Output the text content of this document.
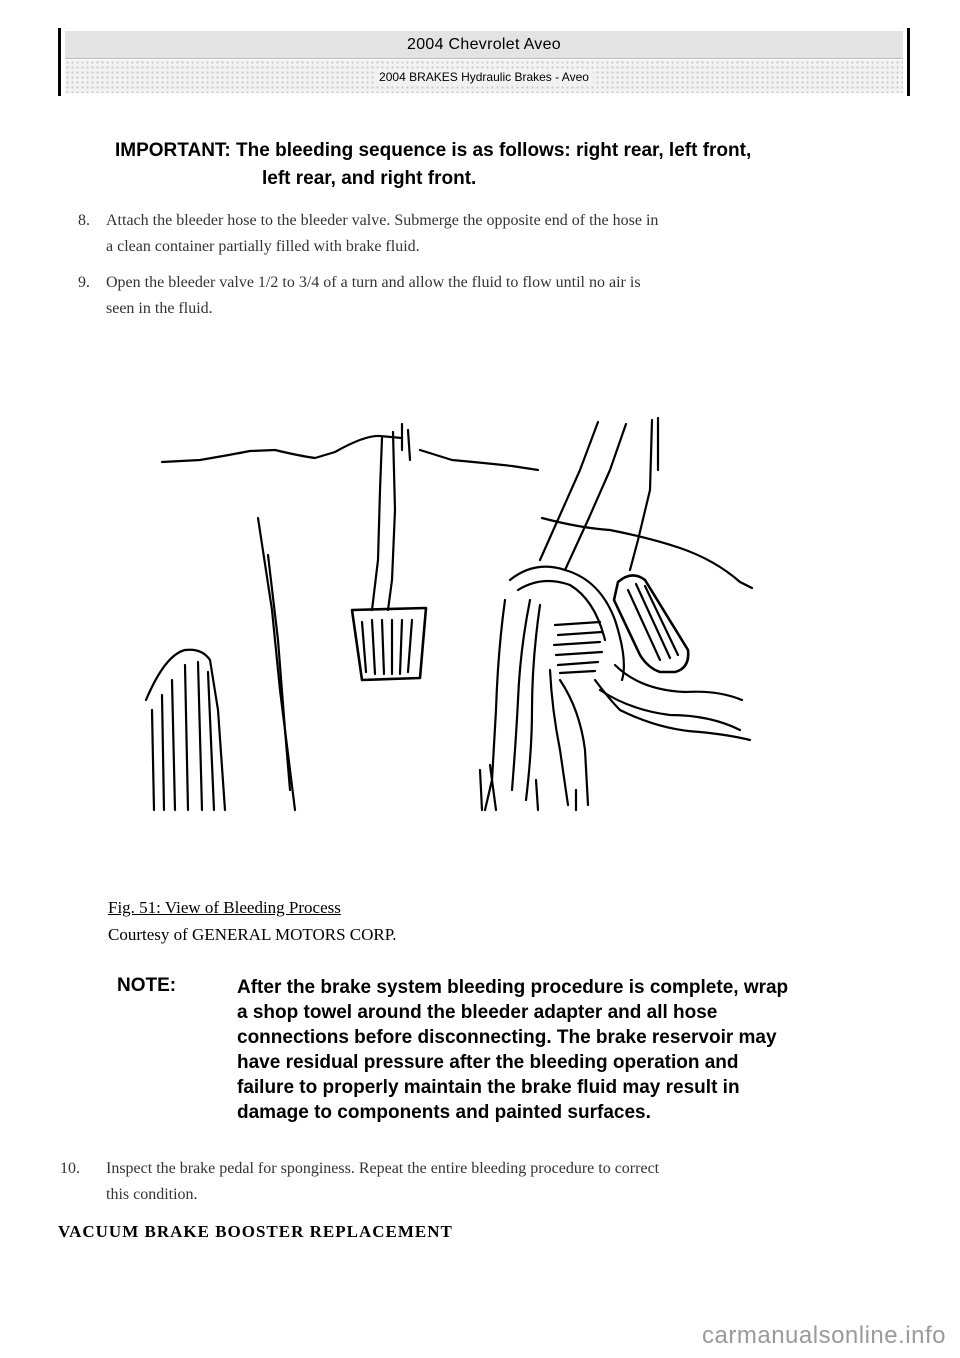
2004 Chevrolet Aveo
2004 BRAKES Hydraulic Brakes - Aveo
IMPORTANT: The bleeding sequence is as follows: right rear, left front,
left rear, and right front.
8. Attach the bleeder hose to the bleeder valve. Submerge the opposite end of the hose in
a clean container partially filled with brake fluid.
9. Open the bleeder valve 1/2 to 3/4 of a turn and allow the fluid to flow until no air is
seen in the fluid.
Fig. 51: View of Bleeding Process
Courtesy of GENERAL MOTORS CORP.
NOTE:	After the brake system bleeding procedure is complete, wrap
a shop towel around the bleeder adapter and all hose
connections before disconnecting. The brake reservoir may
have residual pressure after the bleeding operation and
failure to properly maintain the brake fluid may result in
damage to components and painted surfaces.
10. Inspect the brake pedal for sponginess. Repeat the entire bleeding procedure to correct
this condition.
VACUUM BRAKE BOOSTER REPLACEMENT
carmanualsonline.info
